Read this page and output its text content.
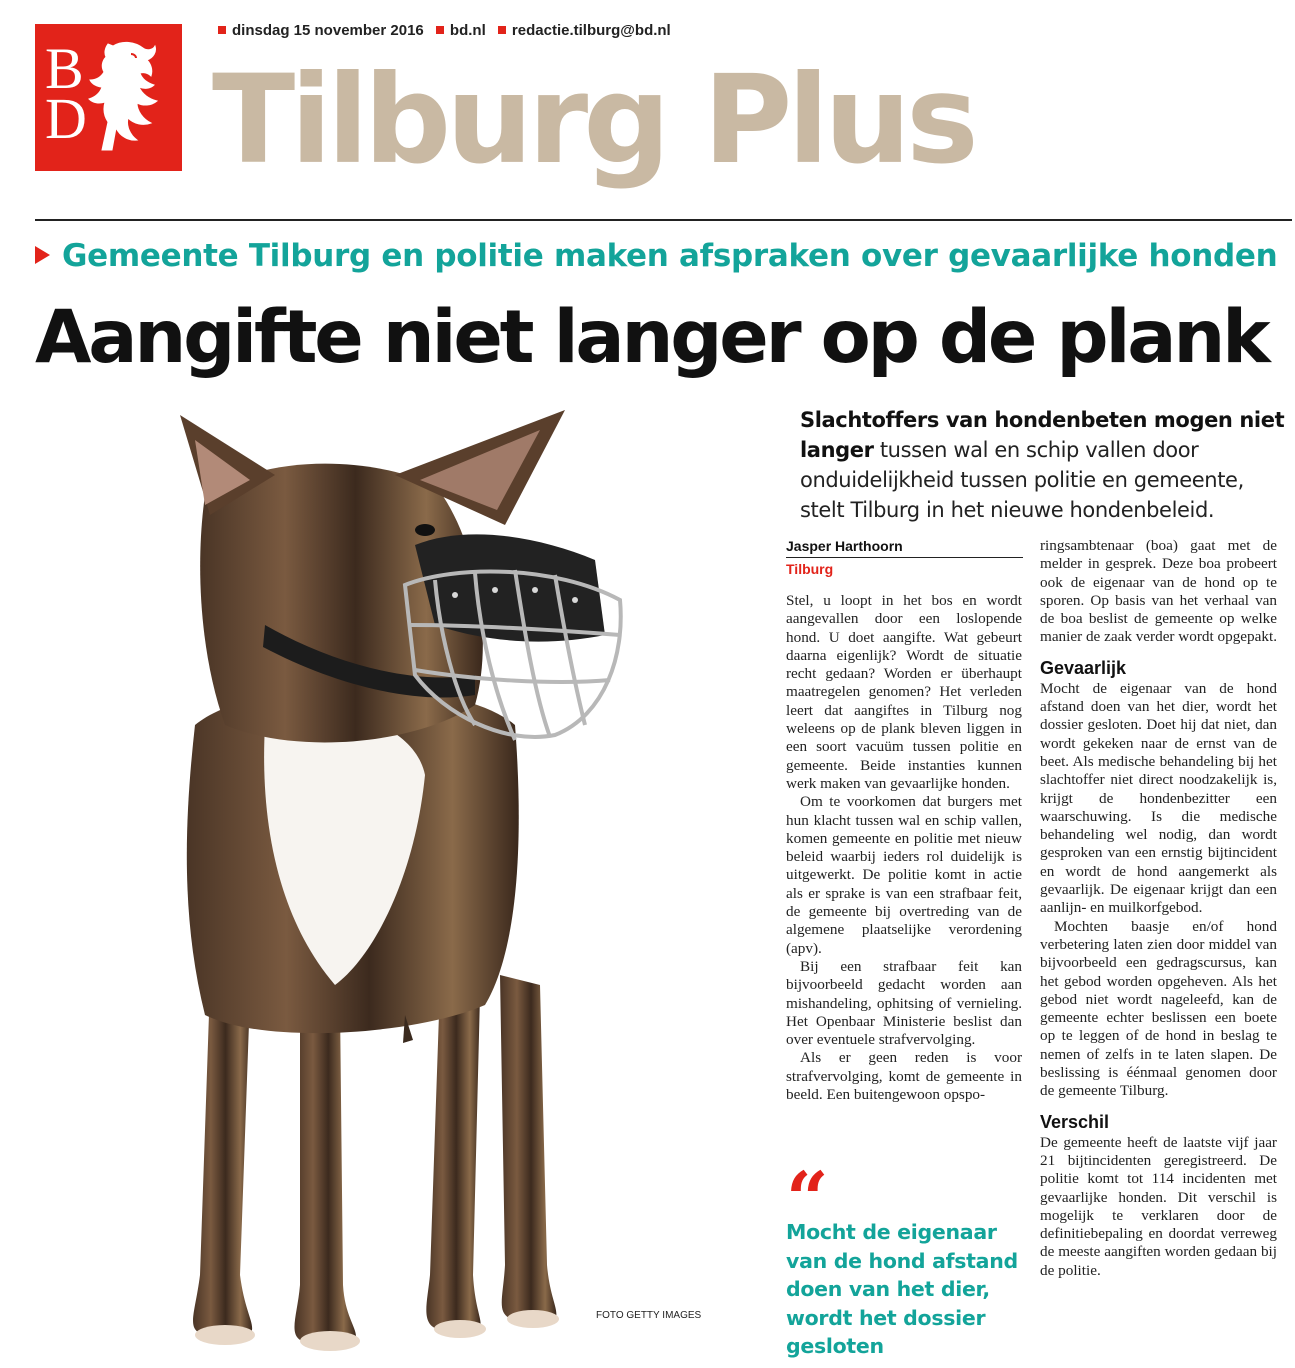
B
D
dinsdag 15 november 2016 bd.nl redactie.tilburg@bd.nl
Tilburg Plus
Gemeente Tilburg en politie maken afspraken over gevaarlijke honden
Aangifte niet langer op de plank
FOTO GETTY IMAGES
Slachtoffers van hondenbeten mogen niet langer tussen wal en schip vallen door onduidelijkheid tussen politie en gemeente, stelt Tilburg in het nieuwe hondenbeleid.
Jasper Harthoorn
Tilburg

Stel, u loopt in het bos en wordt aangevallen door een loslopende hond. U doet aangifte. Wat gebeurt daarna eigenlijk? Wordt de situatie recht gedaan? Worden er überhaupt maatregelen genomen? Het verleden leert dat aangiftes in Tilburg nog weleens op de plank bleven liggen in een soort vacuüm tussen politie en gemeente. Beide instanties kunnen werk maken van gevaarlijke honden.

Om te voorkomen dat burgers met hun klacht tussen wal en schip vallen, komen gemeente en politie met nieuw beleid waarbij ieders rol duidelijk is uitgewerkt. De politie komt in actie als er sprake is van een strafbaar feit, de gemeente bij overtreding van de algemene plaatselijke verordening (apv).

Bij een strafbaar feit kan bijvoorbeeld gedacht worden aan mishandeling, ophitsing of vernieling. Het Openbaar Ministerie beslist dan over eventuele strafvervolging.

Als er geen reden is voor strafvervolging, komt de gemeente in beeld. Een buitengewoon opspo-

“
Mocht de eigenaar van de hond afstand doen van het dier, wordt het dossier gesloten

ringsambtenaar (boa) gaat met de melder in gesprek. Deze boa probeert ook de eigenaar van de hond op te sporen. Op basis van het verhaal van de boa beslist de gemeente op welke manier de zaak verder wordt opgepakt.

Gevaarlijk

Mocht de eigenaar van de hond afstand doen van het dier, wordt het dossier gesloten. Doet hij dat niet, dan wordt gekeken naar de ernst van de beet. Als medische behandeling bij het slachtoffer niet direct noodzakelijk is, krijgt de hondenbezitter een waarschuwing. Is die medische behandeling wel nodig, dan wordt gesproken van een ernstig bijtincident en wordt de hond aangemerkt als gevaarlijk. De eigenaar krijgt dan een aanlijn- en muilkorfgebod.

Mochten baasje en/of hond verbetering laten zien door middel van bijvoorbeeld een gedragscursus, kan het gebod worden opgeheven. Als het gebod niet wordt nageleefd, kan de gemeente echter beslissen een boete op te leggen of de hond in beslag te nemen of zelfs in te laten slapen. De beslissing is éénmaal genomen door de gemeente Tilburg.

Verschil

De gemeente heeft de laatste vijf jaar 21 bijtincidenten geregistreerd. De politie komt tot 114 incidenten met gevaarlijke honden. Dit verschil is mogelijk te verklaren door de definitiebepaling en doordat verreweg de meeste aangiften worden gedaan bij de politie.
